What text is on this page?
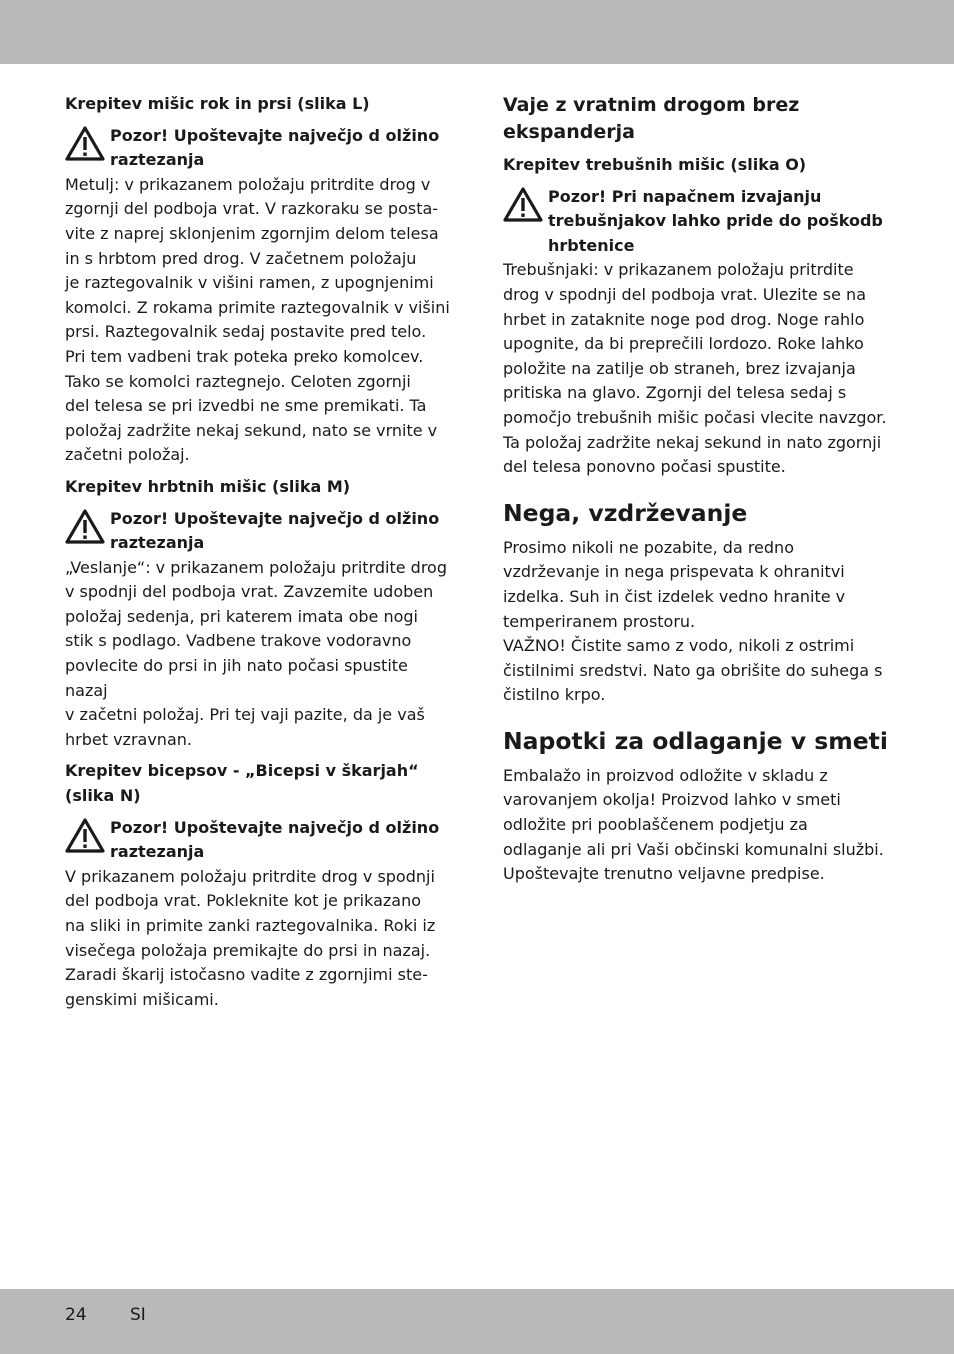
Krepitev mišic rok in prsi (slika L)
Pozor! Upoštevajte največjo d olžino raztezanja
Metulj: v prikazanem položaju pritrdite drog v
zgornji del podboja vrat. V razkoraku se posta-
vite z naprej sklonjenim zgornjim delom telesa
in s hrbtom pred drog. V začetnem položaju
je raztegovalnik v višini ramen, z upognjenimi
komolci. Z rokama primite raztegovalnik v višini
prsi. Raztegovalnik sedaj postavite pred telo.
Pri tem vadbeni trak poteka preko komolcev.
Tako se komolci raztegnejo. Celoten zgornji
del telesa se pri izvedbi ne sme premikati. Ta
položaj zadržite nekaj sekund, nato se vrnite v
začetni položaj.
Krepitev hrbtnih mišic (slika M)
Pozor! Upoštevajte največjo d olžino raztezanja
„Veslanje“: v prikazanem položaju pritrdite drog
v spodnji del podboja vrat. Zavzemite udoben
položaj sedenja, pri katerem imata obe nogi
stik s podlago. Vadbene trakove vodoravno
povlecite do prsi in jih nato počasi spustite nazaj
v začetni položaj. Pri tej vaji pazite, da je vaš
hrbet vzravnan.
Krepitev bicepsov - „Bicepsi v škarjah“ (slika N)
Pozor! Upoštevajte največjo d olžino raztezanja
V prikazanem položaju pritrdite drog v spodnji
del podboja vrat. Pokleknite kot je prikazano
na sliki in primite zanki raztegovalnika. Roki iz
visečega položaja premikajte do prsi in nazaj.
Zaradi škarij istočasno vadite z zgornjimi ste-
genskimi mišicami.
Vaje z vratnim drogom brez ekspanderja
Krepitev trebušnih mišic (slika O)
Pozor! Pri napačnem izvajanju trebušnjakov lahko pride do poškodb hrbtenice
Trebušnjaki: v prikazanem položaju pritrdite
drog v spodnji del podboja vrat. Ulezite se na
hrbet in zataknite noge pod drog. Noge rahlo
upognite, da bi preprečili lordozo. Roke lahko
položite na zatilje ob straneh, brez izvajanja
pritiska na glavo. Zgornji del telesa sedaj s
pomočjo trebušnih mišic počasi vlecite navzgor.
Ta položaj zadržite nekaj sekund in nato zgornji
del telesa ponovno počasi spustite.
Nega, vzdrževanje
Prosimo nikoli ne pozabite, da redno
vzdrževanje in nega prispevata k ohranitvi
izdelka. Suh in čist izdelek vedno hranite v
temperiranem prostoru.
VAŽNO! Čistite samo z vodo, nikoli z ostrimi
čistilnimi sredstvi. Nato ga obrišite do suhega s
čistilno krpo.
Napotki za odlaganje v smeti
Embalažo in proizvod odložite v skladu z
varovanjem okolja! Proizvod lahko v smeti
odložite pri pooblaščenem podjetju za
odlaganje ali pri Vaši občinski komunalni službi.
Upoštevajte trenutno veljavne predpise.
24	SI
